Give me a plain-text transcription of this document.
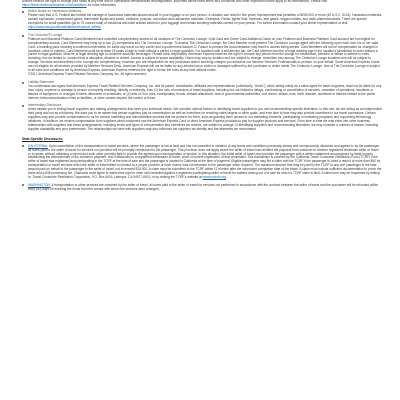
Airlines reserve the right to change your seats at any time due to operational needs/aircraft reconfiguration. Important airline ticket terms and conditions and other important notices apply to all reservations. Please visit https://travel.americanexpress.com/conditions for more information.

Airline Notice on Hazardous Materials

Please note that U.S. Federal law forbids the carriage of hazardous materials aboard aircraft in your luggage or on your person. A violation can result in five years' imprisonment and penalties of $250,000 or more (49 U.S.C. 5124). Hazardous materials include explosives, compressed gases, flammable liquids and solids, oxidizers, poisons, corrosives and radioactive materials. Examples: Paints, lighter fluid, fireworks, tear gases, oxygen bottles, and radio-pharmaceuticals. There are special exceptions for small quantities (up to 70 ounces total) of medicinal and toilet articles carried in your luggage and certain smoking materials carried on your person. For further information contact your airline representative or visit https://www.faa.gov/about/initiatives/hazmat_safety/.

The Centurion® Lounge

Platinum and Business Platinum Card Members have unlimited complimentary access to all locations of The Centurion Lounge. Gold Card and Green Card Additional Cards on your Platinum and Business Platinum Card account are not eligible for complimentary access. Card Members may bring up to two (2) companions into The Centurion Lounge. To access The Centurion Lounge, the Card Member must present The Centurion Lounge agent with the following upon each visit: his or her valid Card, a boarding pass showing a confirmed reservation for same-day travel on any carrier and a government-issued I.D. Failure to present the documentation may result in access being denied. Card Members will not be compensated for changes in locations, rates or policies. Card Members must be at least 18 years of age to enter without a parent or legal guardian. For locations with a self-service bar, the Card Member must be of legal drinking age in the location's jurisdiction to enter without a parent or legal guardian. Must be of legal drinking age to consume alcoholic beverages. Please drink responsibly. American Express reserves the right to remove any person from the lounge for misconduct, behavior or failure to adhere to rules, including, but not limited to, conduct that is disruptive, abusive or violent. Access is subject to space availability. Hours may vary by location and are subject to change. Amenities vary among The Centurion Lounge locations and will be subject to change. Services and amenities in the Lounge are complimentary; however, you are responsible for any purchases and/or servicing charges you authorize our Member Services Professionals to perform on your behalf. Some American Express Cards are not eligible for all services provided by Member Services Desk. American Express will not be liable for any articles lost or stolen or damages suffered by the purchaser or visitor inside The Centurion Lounge. Use of The Centurion Lounge is subject to all rules and conditions set by American Express. American Express reserves the right to revise the rules at any time without notice.

©2017 American Express Travel Related Services Company, Inc. All rights reserved.

Liability Statement

You understand and agree that American Express Travel Related Services Company, Inc. and its parent, subsidiaries, affiliates and representatives (collectively, "Amex"), when acting solely as a sales agent for travel suppliers, shall not be liable for any loss, injury, expense or damage to person or property resulting, directly or indirectly, from (1) the acts of omissions of travel suppliers, including but not limited to delays, overbooking or cancellation of services, cessation of operations, accidents or failures of equipment, or changes in fares, itineraries or schedules; or (2) acts of God, fires, earthquakes, floods, climatic alterations, acts of governmental authorities, civil unrest, strikes, riots, theft, disease, accidents or failures related to the public internet, telecommunications lines or facilities, or other causes beyond the control of Amex.

Intermediary Disclosure

Amex assists you in finding travel suppliers and making arrangements that meet your individual needs. We consider various factors in identifying travel suppliers to you and recommending specific itineraries. In this role, we are acting as an independent third party and not as a fiduciary. We want you to be aware that certain suppliers pay us commissions as well as incentives for reaching sales targets or other goals, and from time to time may also provide incentives to our travel counselors. Certain suppliers may also provide compensation to us for various marketing and administrative services that we perform for them, such as granting them access to our marketing channels, participating in marketing programs and supporting technology initiatives. In addition, we receive compensation from suppliers when customers use the American Express Card or other American Express products to pay for supplier products and services. From time to time we may enter into other business relationships with suppliers and these arrangements, including levels and types of compensation and incentives we receive, are subject to change. In identifying suppliers and recommending itineraries, we may consider a number of factors, including supplier availability and your preferences. The relationships we have with suppliers may also influence the suppliers we identify and the itineraries we recommend.

State-Specific Disclosures:

CALIFORNIA: Upon cancellation of the transportation or travel services, where the passenger is not at fault and has not cancelled in violation of any terms and conditions previously clearly and conspicuously disclosed and agreed to by the passenger, all sums paid to the seller of travel for services not provided will be promptly reimbursed to the passenger. This provision does not apply where the seller of travel has remitted the payment from customer to another registered wholesale seller of travel or a carrier, without obtaining a refund and such other provider fails to provide the agreed-upon transportation or service. In this situation, the initial seller of travel must provide the passenger with a written statement accompanied by bank records establishing the disbursement of the customer payment, and if disbursed to a registered wholesaler of travel, proof of current registration of that wholesaler. This transaction is covered by the California Travel Consumer Restitution Fund (TCRF) if the seller of travel was registered and participating in the TCRF at the time of sale and the passenger is located in California at the time of payment. Eligible passengers may file a claim with the TCRF if the passenger is owed a refund of more than $50 for transportation or travel services which the seller of travel failed to forward to a proper provider or such money was not refunded to the passenger when required. The maximum amount that may be paid by the TCRF to any one passenger is the total amount paid on behalf of the passenger to the seller of travel, not to exceed $15,000. A claim must be submitted to the TCRF within 12 months after the scheduled completion date of the travel. A claim must include sufficient documentation to prove the claim and a $35 processing fee. Claimants must agree to waive their right to other civil remedies against a registered participating seller of travel for matters arising out of a sale for which a TCRF claim is filed. A claim form may be requested by writing to: Travel Consumer Restitution Corporation, P.O. Box 6001; Larkspur, CA 94977-6001; or by visiting the TCRF's website at www.tcrcinfo.org.

WASHINGTON: If transportation or other services are canceled by the seller of travel, all sums paid to the seller of travel for services not performed in accordance with the contract between the seller of travel and the purchaser will be refunded within thirty (30) days of receiving the funds from the vendor with whom the services were arranged,
